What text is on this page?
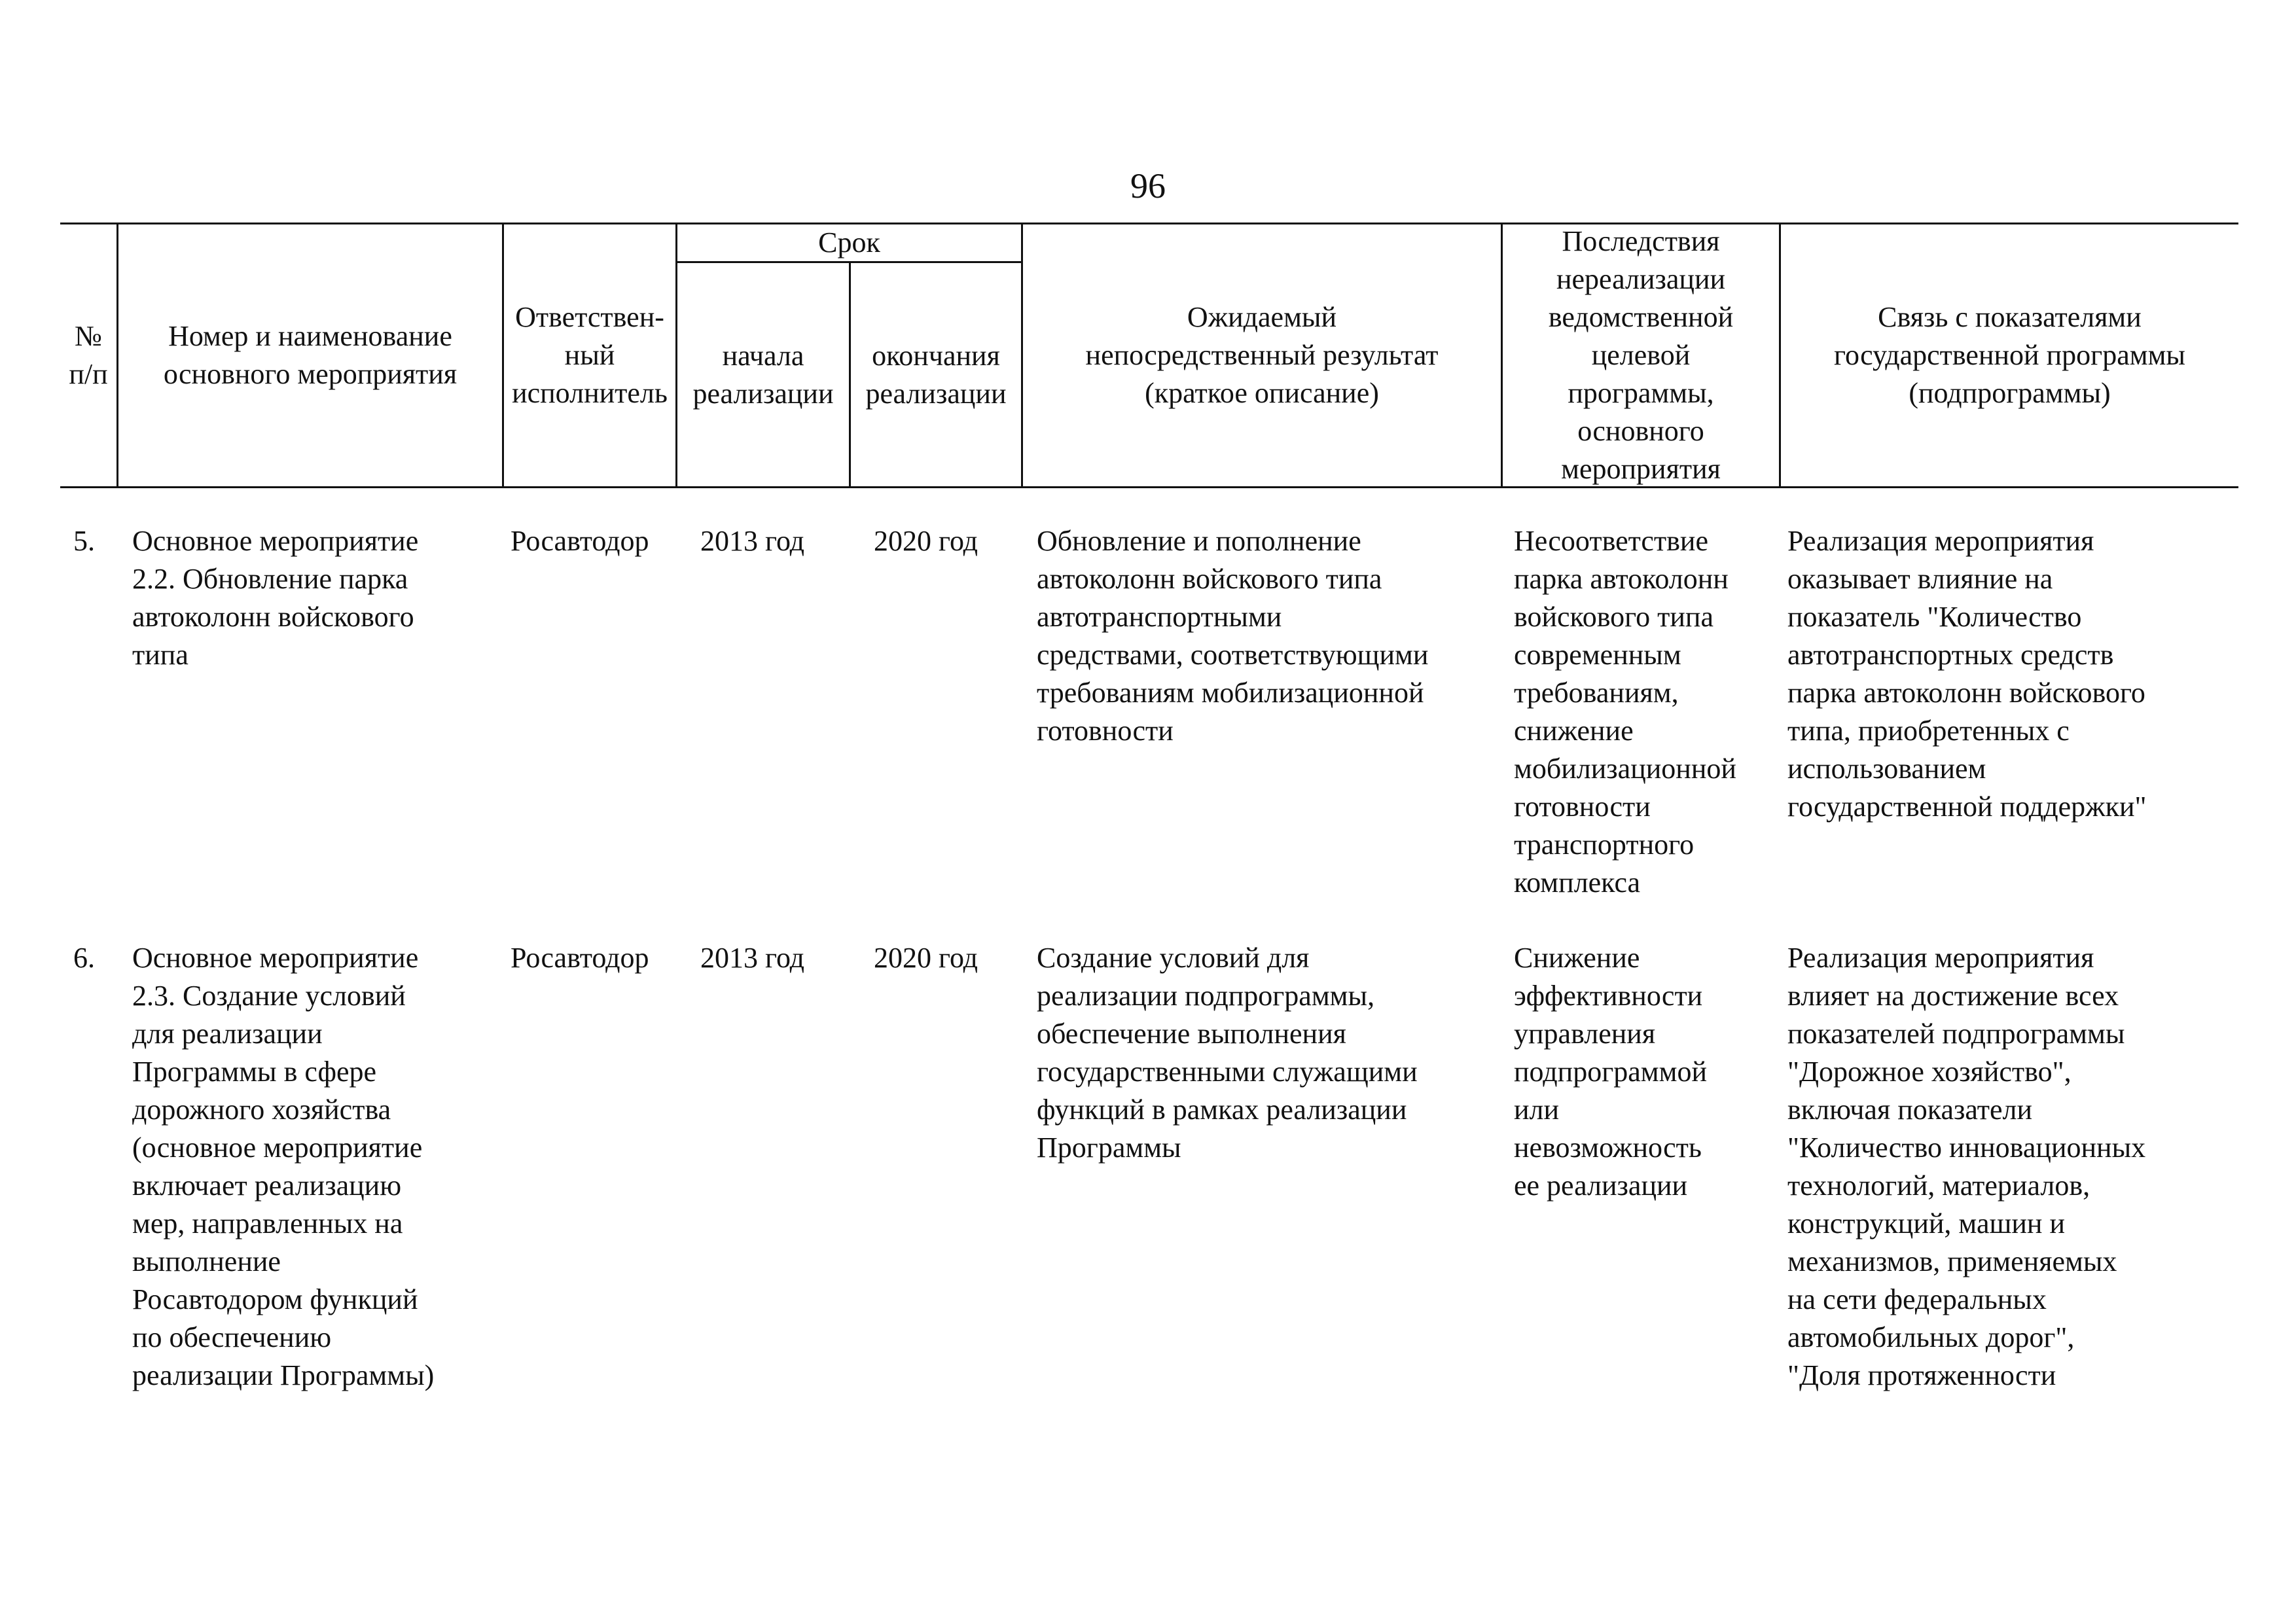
96
№
п/п
Номер и наименование
основного мероприятия
Ответствен-
ный
исполнитель
Срок
начала
реализации
окончания
реализации
Ожидаемый
непосредственный результат
(краткое описание)
Последствия
нереализации
ведомственной
целевой
программы,
основного
мероприятия
Связь с показателями
государственной программы
(подпрограммы)
5. Основное мероприятие
2.2. Обновление парка
автоколонн войскового
типа
Росавтодор 2013 год 2020 год Обновление и пополнение
автоколонн войскового типа
автотранспортными
средствами, соответствующими
требованиям мобилизационной
готовности
Несоответствие
парка автоколонн
войскового типа
современным
требованиям,
снижение
мобилизационной
готовности
транспортного
комплекса
Реализация мероприятия
оказывает влияние на
показатель "Количество
автотранспортных средств
парка автоколонн войскового
типа, приобретенных с
использованием
государственной поддержки"
6. Основное мероприятие
2.3. Создание условий
для реализации
Программы в сфере
дорожного хозяйства
(основное мероприятие
включает реализацию
мер, направленных на
выполнение
Росавтодором функций
по обеспечению
реализации Программы)
Росавтодор 2013 год 2020 год Создание условий для
реализации подпрограммы,
обеспечение выполнения
государственными служащими
функций в рамках реализации
Программы
Снижение
эффективности
управления
подпрограммой
или
невозможность
ее реализации
Реализация мероприятия
влияет на достижение всех
показателей подпрограммы
"Дорожное хозяйство",
включая показатели
"Количество инновационных
технологий, материалов,
конструкций, машин и
механизмов, применяемых
на сети федеральных
автомобильных дорог",
"Доля протяженности
